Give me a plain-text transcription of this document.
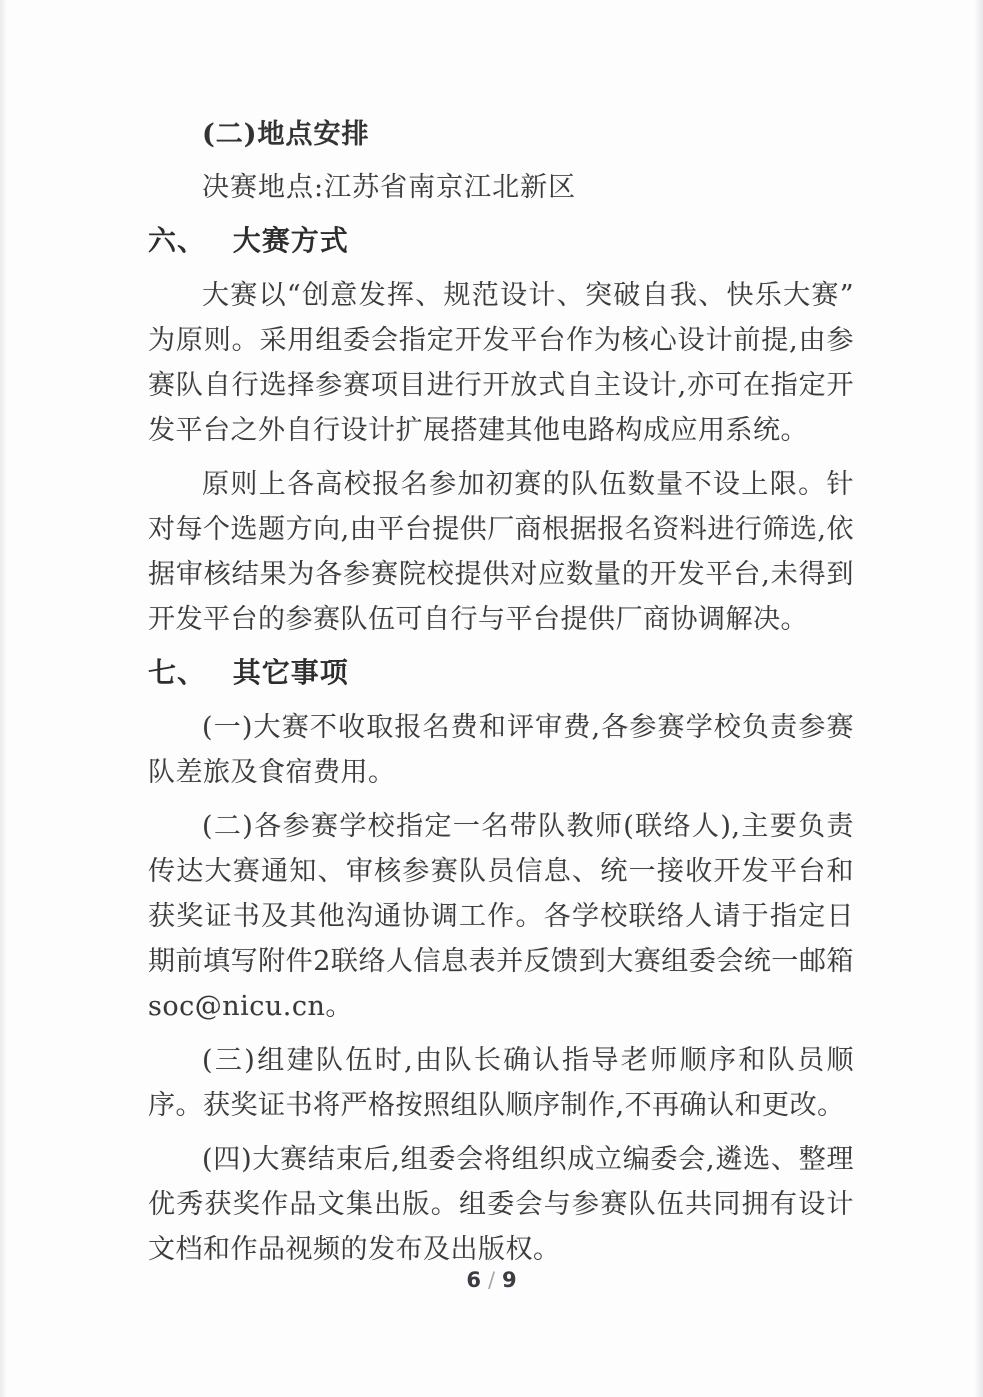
(二)地点安排

决赛地点:江苏省南京江北新区

六、 大赛方式

大赛以“创意发挥、规范设计、突破自我、快乐大赛”为原则。采用组委会指定开发平台作为核心设计前提,由参赛队自行选择参赛项目进行开放式自主设计,亦可在指定开发平台之外自行设计扩展搭建其他电路构成应用系统。

原则上各高校报名参加初赛的队伍数量不设上限。针对每个选题方向,由平台提供厂商根据报名资料进行筛选,依据审核结果为各参赛院校提供对应数量的开发平台,未得到开发平台的参赛队伍可自行与平台提供厂商协调解决。

七、 其它事项

(一)大赛不收取报名费和评审费,各参赛学校负责参赛队差旅及食宿费用。

(二)各参赛学校指定一名带队教师(联络人),主要负责传达大赛通知、审核参赛队员信息、统一接收开发平台和获奖证书及其他沟通协调工作。各学校联络人请于指定日期前填写附件2联络人信息表并反馈到大赛组委会统一邮箱soc@nicu.cn。

(三)组建队伍时,由队长确认指导老师顺序和队员顺序。获奖证书将严格按照组队顺序制作,不再确认和更改。

(四)大赛结束后,组委会将组织成立编委会,遴选、整理优秀获奖作品文集出版。组委会与参赛队伍共同拥有设计文档和作品视频的发布及出版权。

6 / 9
